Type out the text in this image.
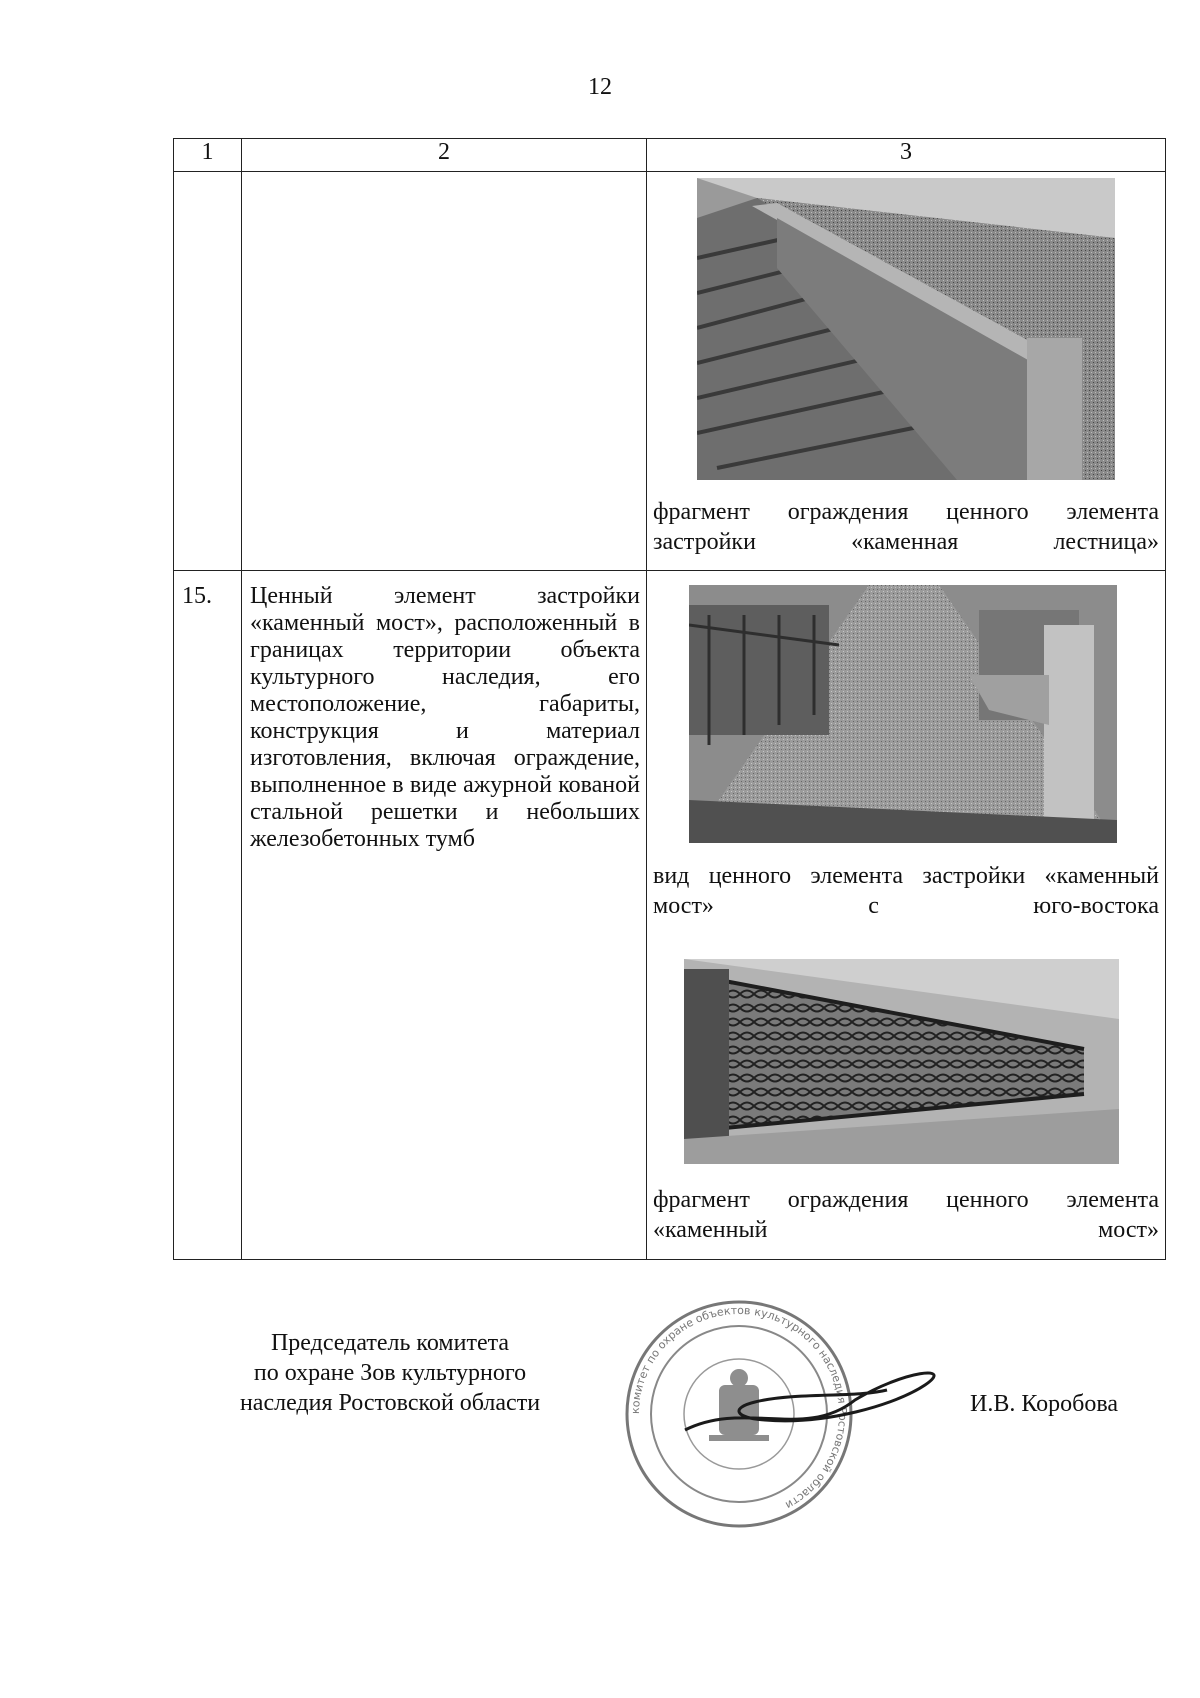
12
1	2	3

		фрагмент ограждения ценного элемента застройки «каменная лестница»

15.	Ценный элемент застройки «каменный мост», расположенный в границах территории объекта культурного наследия, его местоположение, габариты, конструкция и материал изготовления, включая ограждение, выполненное в виде ажурной кованой стальной решетки и небольших железобетонных тумб	вид ценного элемента застройки «каменный мост» с юго-востока
фрагмент ограждения ценного элемента «каменный мост»
Председатель комитета
по охране Зов культурного
наследия Ростовской области	комитет по охране объектов культурного наследия Ростовской области
И.В. Коробова
